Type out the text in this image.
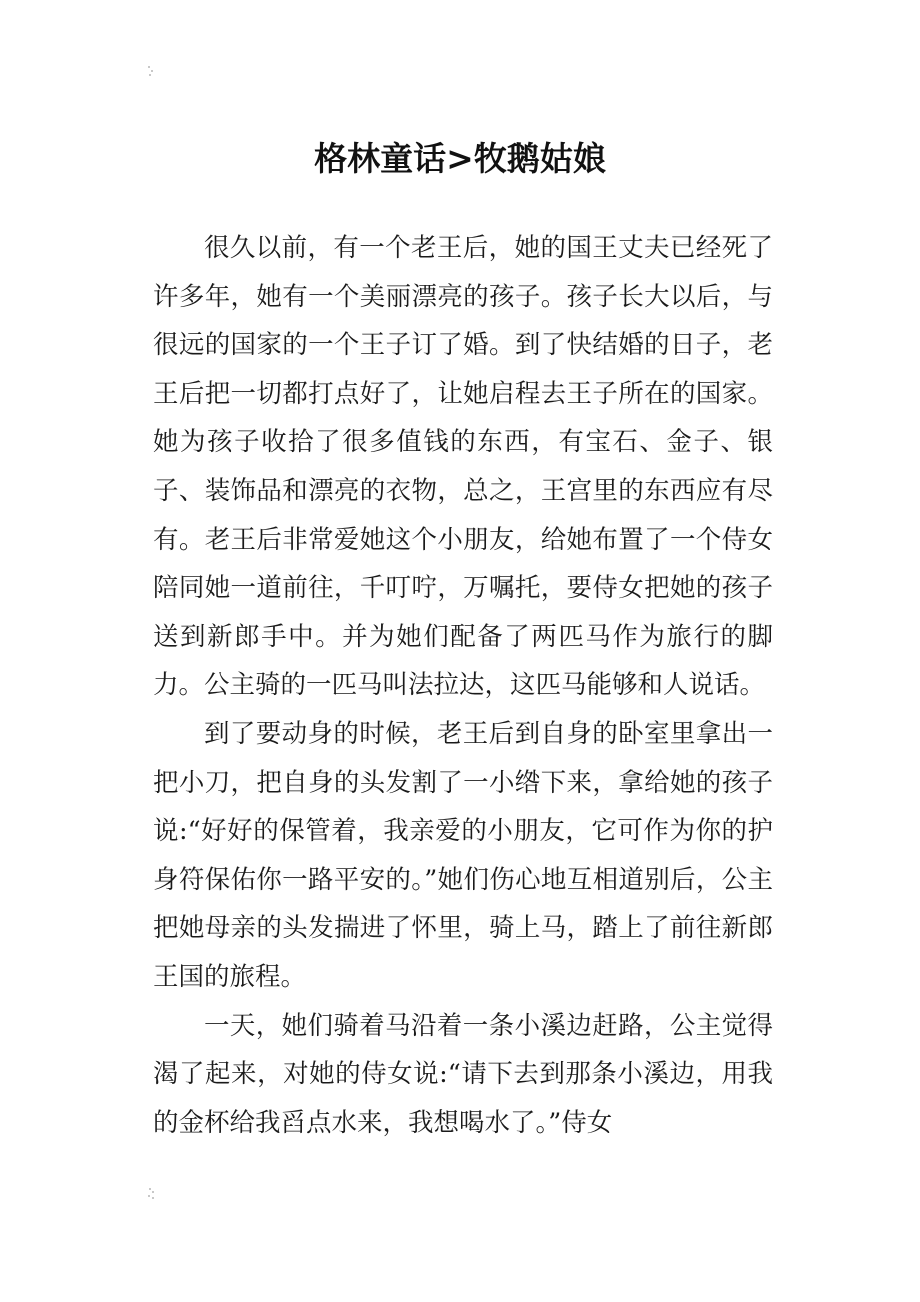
格林童话>牧鹅姑娘

很久以前，有一个老王后，她的国王丈夫已经死了许多年，她有一个美丽漂亮的孩子。孩子长大以后，与很远的国家的一个王子订了婚。到了快结婚的日子，老王后把一切都打点好了，让她启程去王子所在的国家。她为孩子收拾了很多值钱的东西，有宝石、金子、银子、装饰品和漂亮的衣物，总之，王宫里的东西应有尽有。老王后非常爱她这个小朋友，给她布置了一个侍女陪同她一道前往，千叮咛，万嘱托，要侍女把她的孩子送到新郎手中。并为她们配备了两匹马作为旅行的脚力。公主骑的一匹马叫法拉达，这匹马能够和人说话。

到了要动身的时候，老王后到自身的卧室里拿出一把小刀，把自身的头发割了一小绺下来，拿给她的孩子说:“好好的保管着，我亲爱的小朋友，它可作为你的护身符保佑你一路平安的。”她们伤心地互相道别后，公主把她母亲的头发揣进了怀里，骑上马，踏上了前往新郎王国的旅程。

一天，她们骑着马沿着一条小溪边赶路，公主觉得渴了起来，对她的侍女说:“请下去到那条小溪边，用我的金杯给我舀点水来，我想喝水了。”侍女
